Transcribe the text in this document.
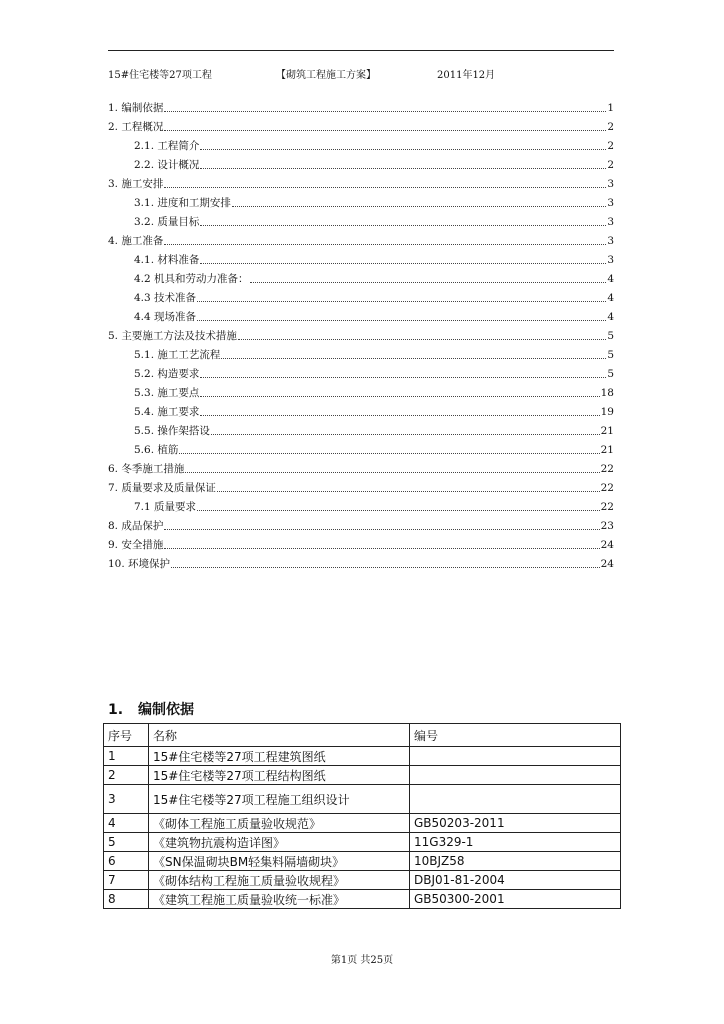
15#住宅楼等27项工程	【砌筑工程施工方案】	2011年12月
1. 编制依据	1
2. 工程概况	2
2.1. 工程简介	2
2.2. 设计概况	2
3. 施工安排	3
3.1. 进度和工期安排	3
3.2. 质量目标	3
4. 施工准备	3
4.1. 材料准备	3
4.2 机具和劳动力准备：	4
4.3 技术准备	4
4.4 现场准备	4
5. 主要施工方法及技术措施	5
5.1. 施工工艺流程	5
5.2. 构造要求	5
5.3. 施工要点	18
5.4. 施工要求	19
5.5. 操作架搭设	21
5.6. 植筋	21
6. 冬季施工措施	22
7. 质量要求及质量保证	22
7.1 质量要求	22
8. 成品保护	23
9. 安全措施	24
10. 环境保护	24
1. 编制依据
序号	名称	编号
1	15#住宅楼等27项工程建筑图纸	
2	15#住宅楼等27项工程结构图纸	
3	15#住宅楼等27项工程施工组织设计	
4	《砌体工程施工质量验收规范》	GB50203-2011
5	《建筑物抗震构造详图》	11G329-1
6	《SN保温砌块BM轻集料隔墙砌块》	10BJZ58
7	《砌体结构工程施工质量验收规程》	DBJ01-81-2004
8	《建筑工程施工质量验收统一标准》	GB50300-2001
第1页 共25页
